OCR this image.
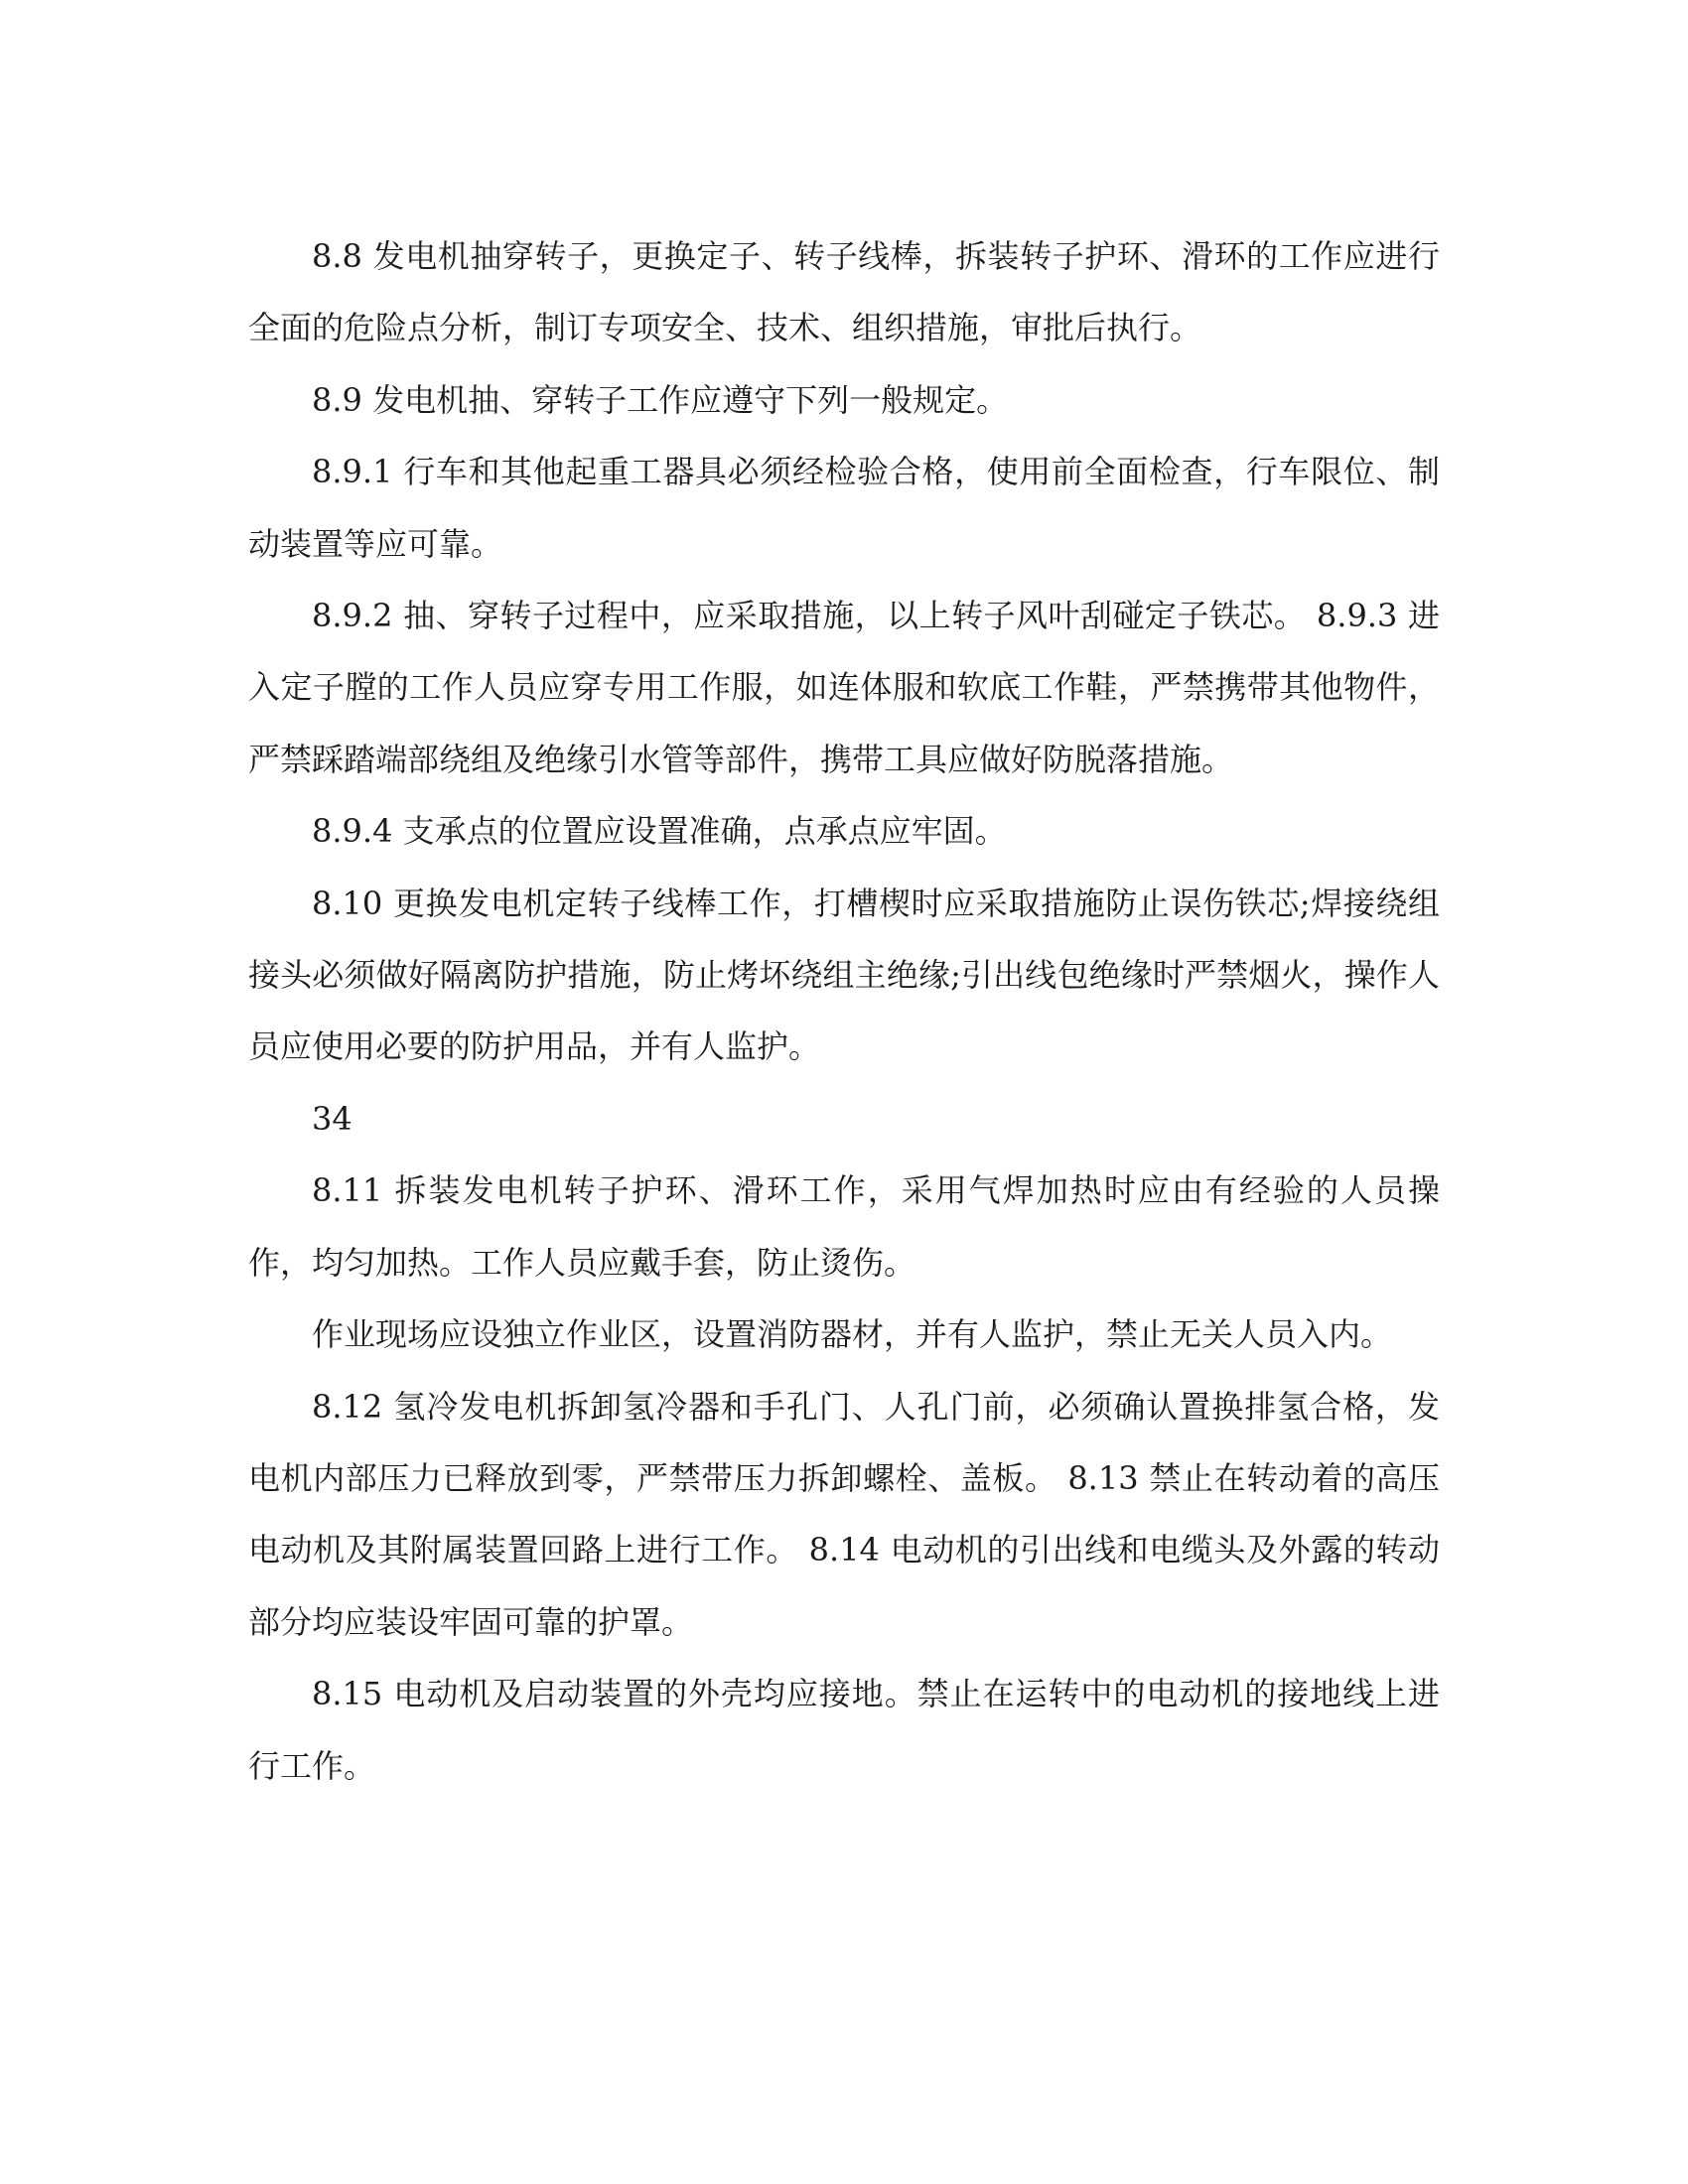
8.8 发电机抽穿转子，更换定子、转子线棒，拆装转子护环、滑环的工作应进行全面的危险点分析，制订专项安全、技术、组织措施，审批后执行。

8.9 发电机抽、穿转子工作应遵守下列一般规定。

8.9.1 行车和其他起重工器具必须经检验合格，使用前全面检查，行车限位、制动装置等应可靠。

8.9.2 抽、穿转子过程中，应采取措施，以上转子风叶刮碰定子铁芯。 8.9.3 进入定子膛的工作人员应穿专用工作服，如连体服和软底工作鞋，严禁携带其他物件，严禁踩踏端部绕组及绝缘引水管等部件，携带工具应做好防脱落措施。

8.9.4 支承点的位置应设置准确，点承点应牢固。

8.10 更换发电机定转子线棒工作，打槽楔时应采取措施防止误伤铁芯;焊接绕组接头必须做好隔离防护措施，防止烤坏绕组主绝缘;引出线包绝缘时严禁烟火，操作人员应使用必要的防护用品，并有人监护。

34

8.11 拆装发电机转子护环、滑环工作，采用气焊加热时应由有经验的人员操作，均匀加热。工作人员应戴手套，防止烫伤。

作业现场应设独立作业区，设置消防器材，并有人监护，禁止无关人员入内。

8.12 氢冷发电机拆卸氢冷器和手孔门、人孔门前，必须确认置换排氢合格，发电机内部压力已释放到零，严禁带压力拆卸螺栓、盖板。 8.13 禁止在转动着的高压电动机及其附属装置回路上进行工作。 8.14 电动机的引出线和电缆头及外露的转动部分均应装设牢固可靠的护罩。

8.15 电动机及启动装置的外壳均应接地。禁止在运转中的电动机的接地线上进行工作。
